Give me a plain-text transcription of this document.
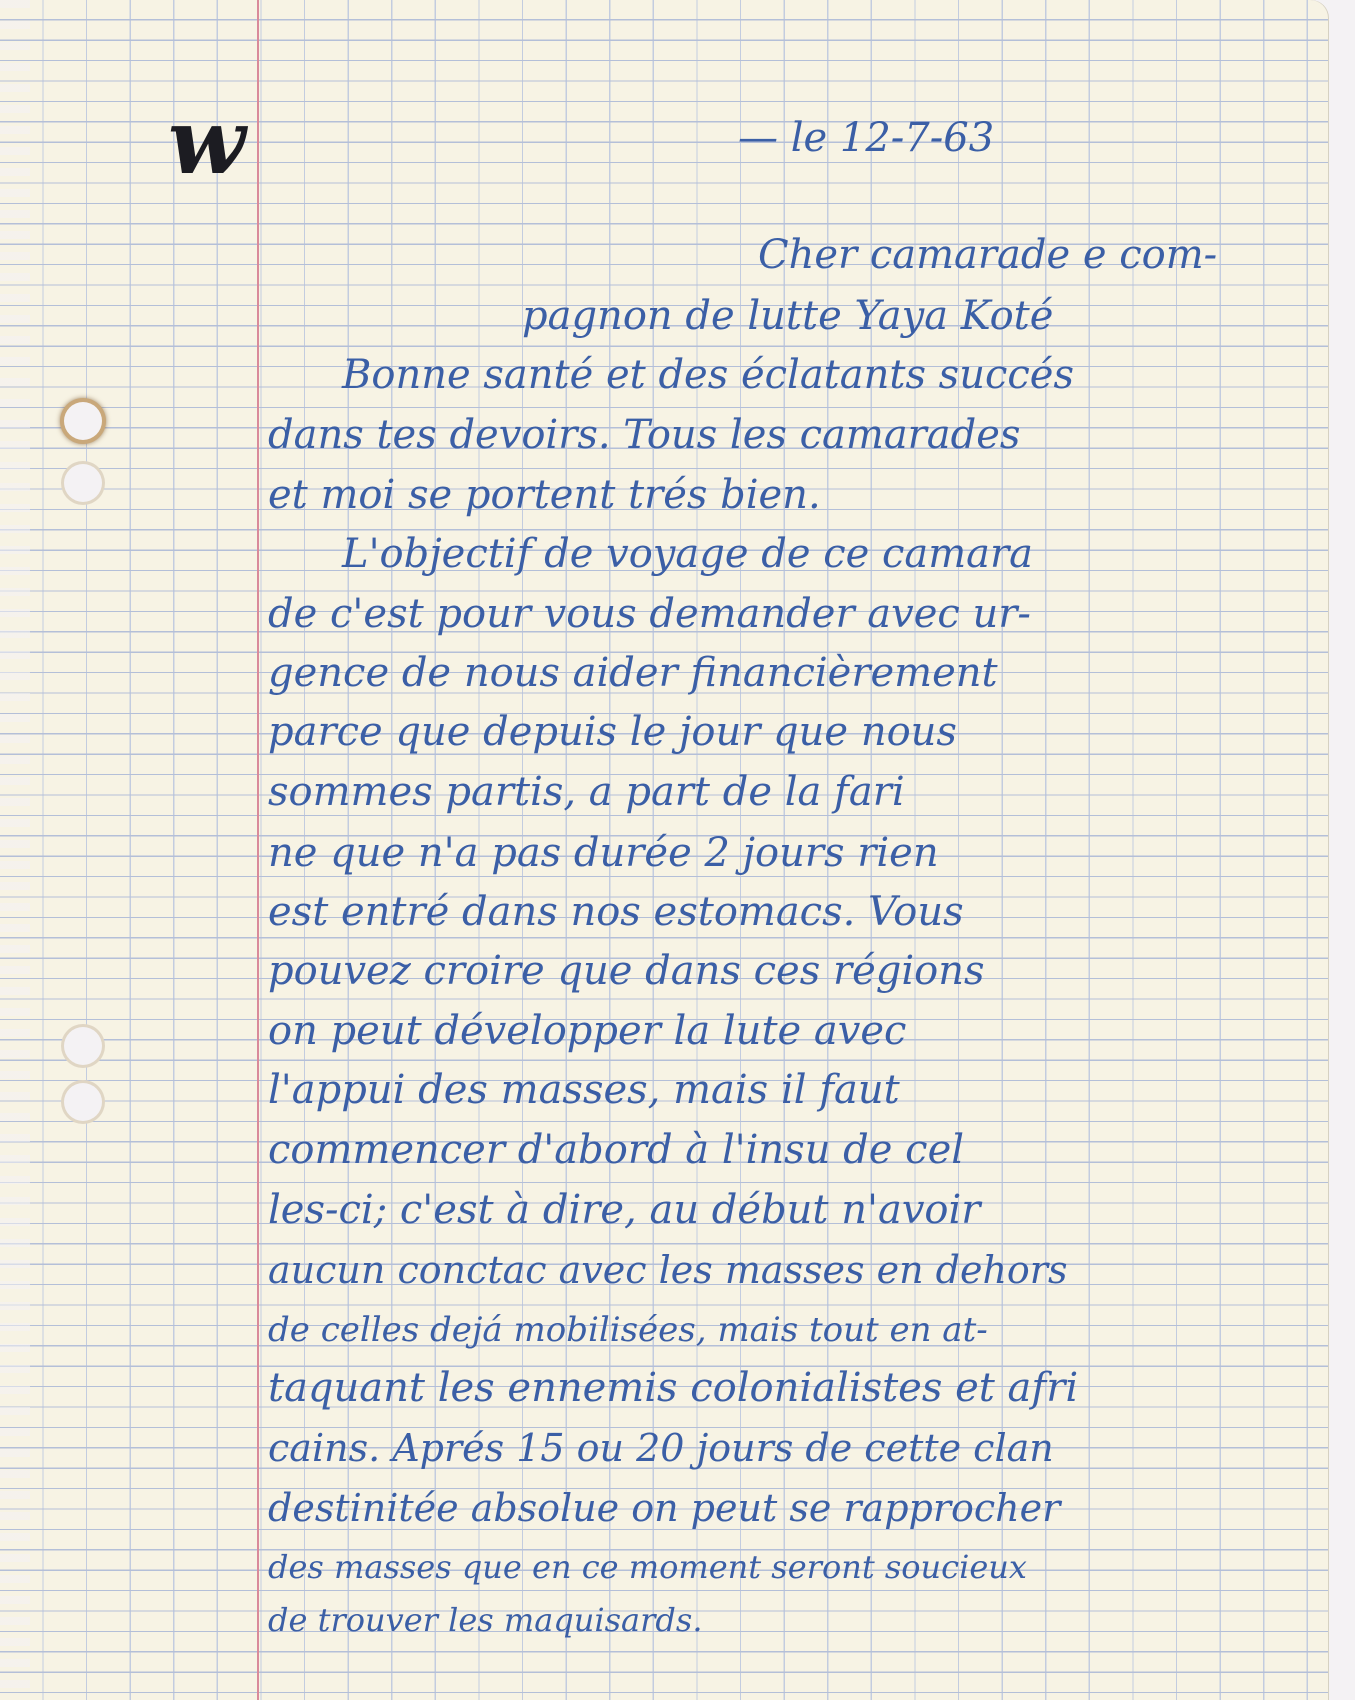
w	— le 12-7-63

Cher camarade e com-

pagnon de lutte Yaya Koté

Bonne santé et des éclatants succés

dans tes devoirs. Tous les camarades

et moi se portent trés bien.

L'objectif de voyage de ce camara

de c'est pour vous demander avec ur-

gence de nous aider financièrement

parce que depuis le jour que nous

sommes partis, a part de la fari

ne que n'a pas durée 2 jours rien

est entré dans nos estomacs. Vous

pouvez croire que dans ces régions

on peut développer la lute avec

l'appui des masses, mais il faut

commencer d'abord à l'insu de cel

les-ci; c'est à dire, au début n'avoir

aucun conctac avec les masses en dehors

de celles dejá mobilisées, mais tout en at-

taquant les ennemis colonialistes et afri

cains. Aprés 15 ou 20 jours de cette clan

destinitée absolue on peut se rapprocher

des masses que en ce moment seront soucieux

de trouver les maquisards.
